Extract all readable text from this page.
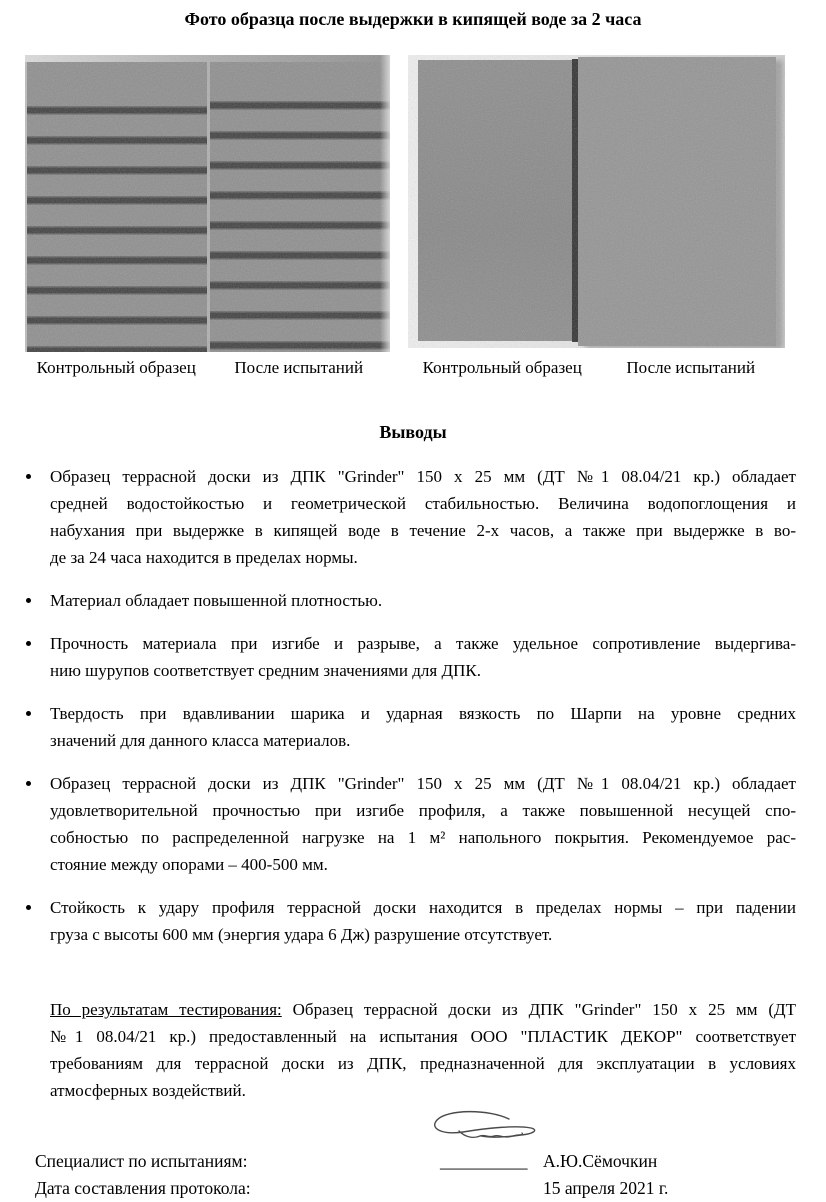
Фото образца после выдержки в кипящей воде за 2 часа
Контрольный образец	После испытаний	Контрольный образец	После испытаний
Выводы
Образец террасной доски из ДПК "Grinder" 150 х 25 мм (ДТ №1 08.04/21 кр.) обладает
средней водостойкостью и геометрической стабильностью. Величина водопоглощения и
набухания при выдержке в кипящей воде в течение 2-х часов, а также при выдержке в во-
де за 24 часа находится в пределах нормы.
Материал обладает повышенной плотностью.
Прочность материала при изгибе и разрыве, а также удельное сопротивление выдергива-
нию шурупов соответствует средним значениями для ДПК.
Твердость при вдавливании шарика и ударная вязкость по Шарпи на уровне средних
значений для данного класса материалов.
Образец террасной доски из ДПК "Grinder" 150 х 25 мм (ДТ №1 08.04/21 кр.) обладает
удовлетворительной прочностью при изгибе профиля, а также повышенной несущей спо-
собностью по распределенной нагрузке на 1 м² напольного покрытия. Рекомендуемое рас-
стояние между опорами – 400-500 мм.
Стойкость к удару профиля террасной доски находится в пределах нормы – при падении
груза с высоты 600 мм (энергия удара 6 Дж) разрушение отсутствует.
По результатам тестирования: Образец террасной доски из ДПК "Grinder" 150 х 25 мм (ДТ
№1 08.04/21 кр.) предоставленный на испытания ООО "ПЛАСТИК ДЕКОР" соответствует
требованиям для террасной доски из ДПК, предназначенной для эксплуатации в условиях
атмосферных воздействий.
Специалист по испытаниям:	__________ А.Ю.Сёмочкин
Дата составления протокола:	15 апреля 2021 г.
